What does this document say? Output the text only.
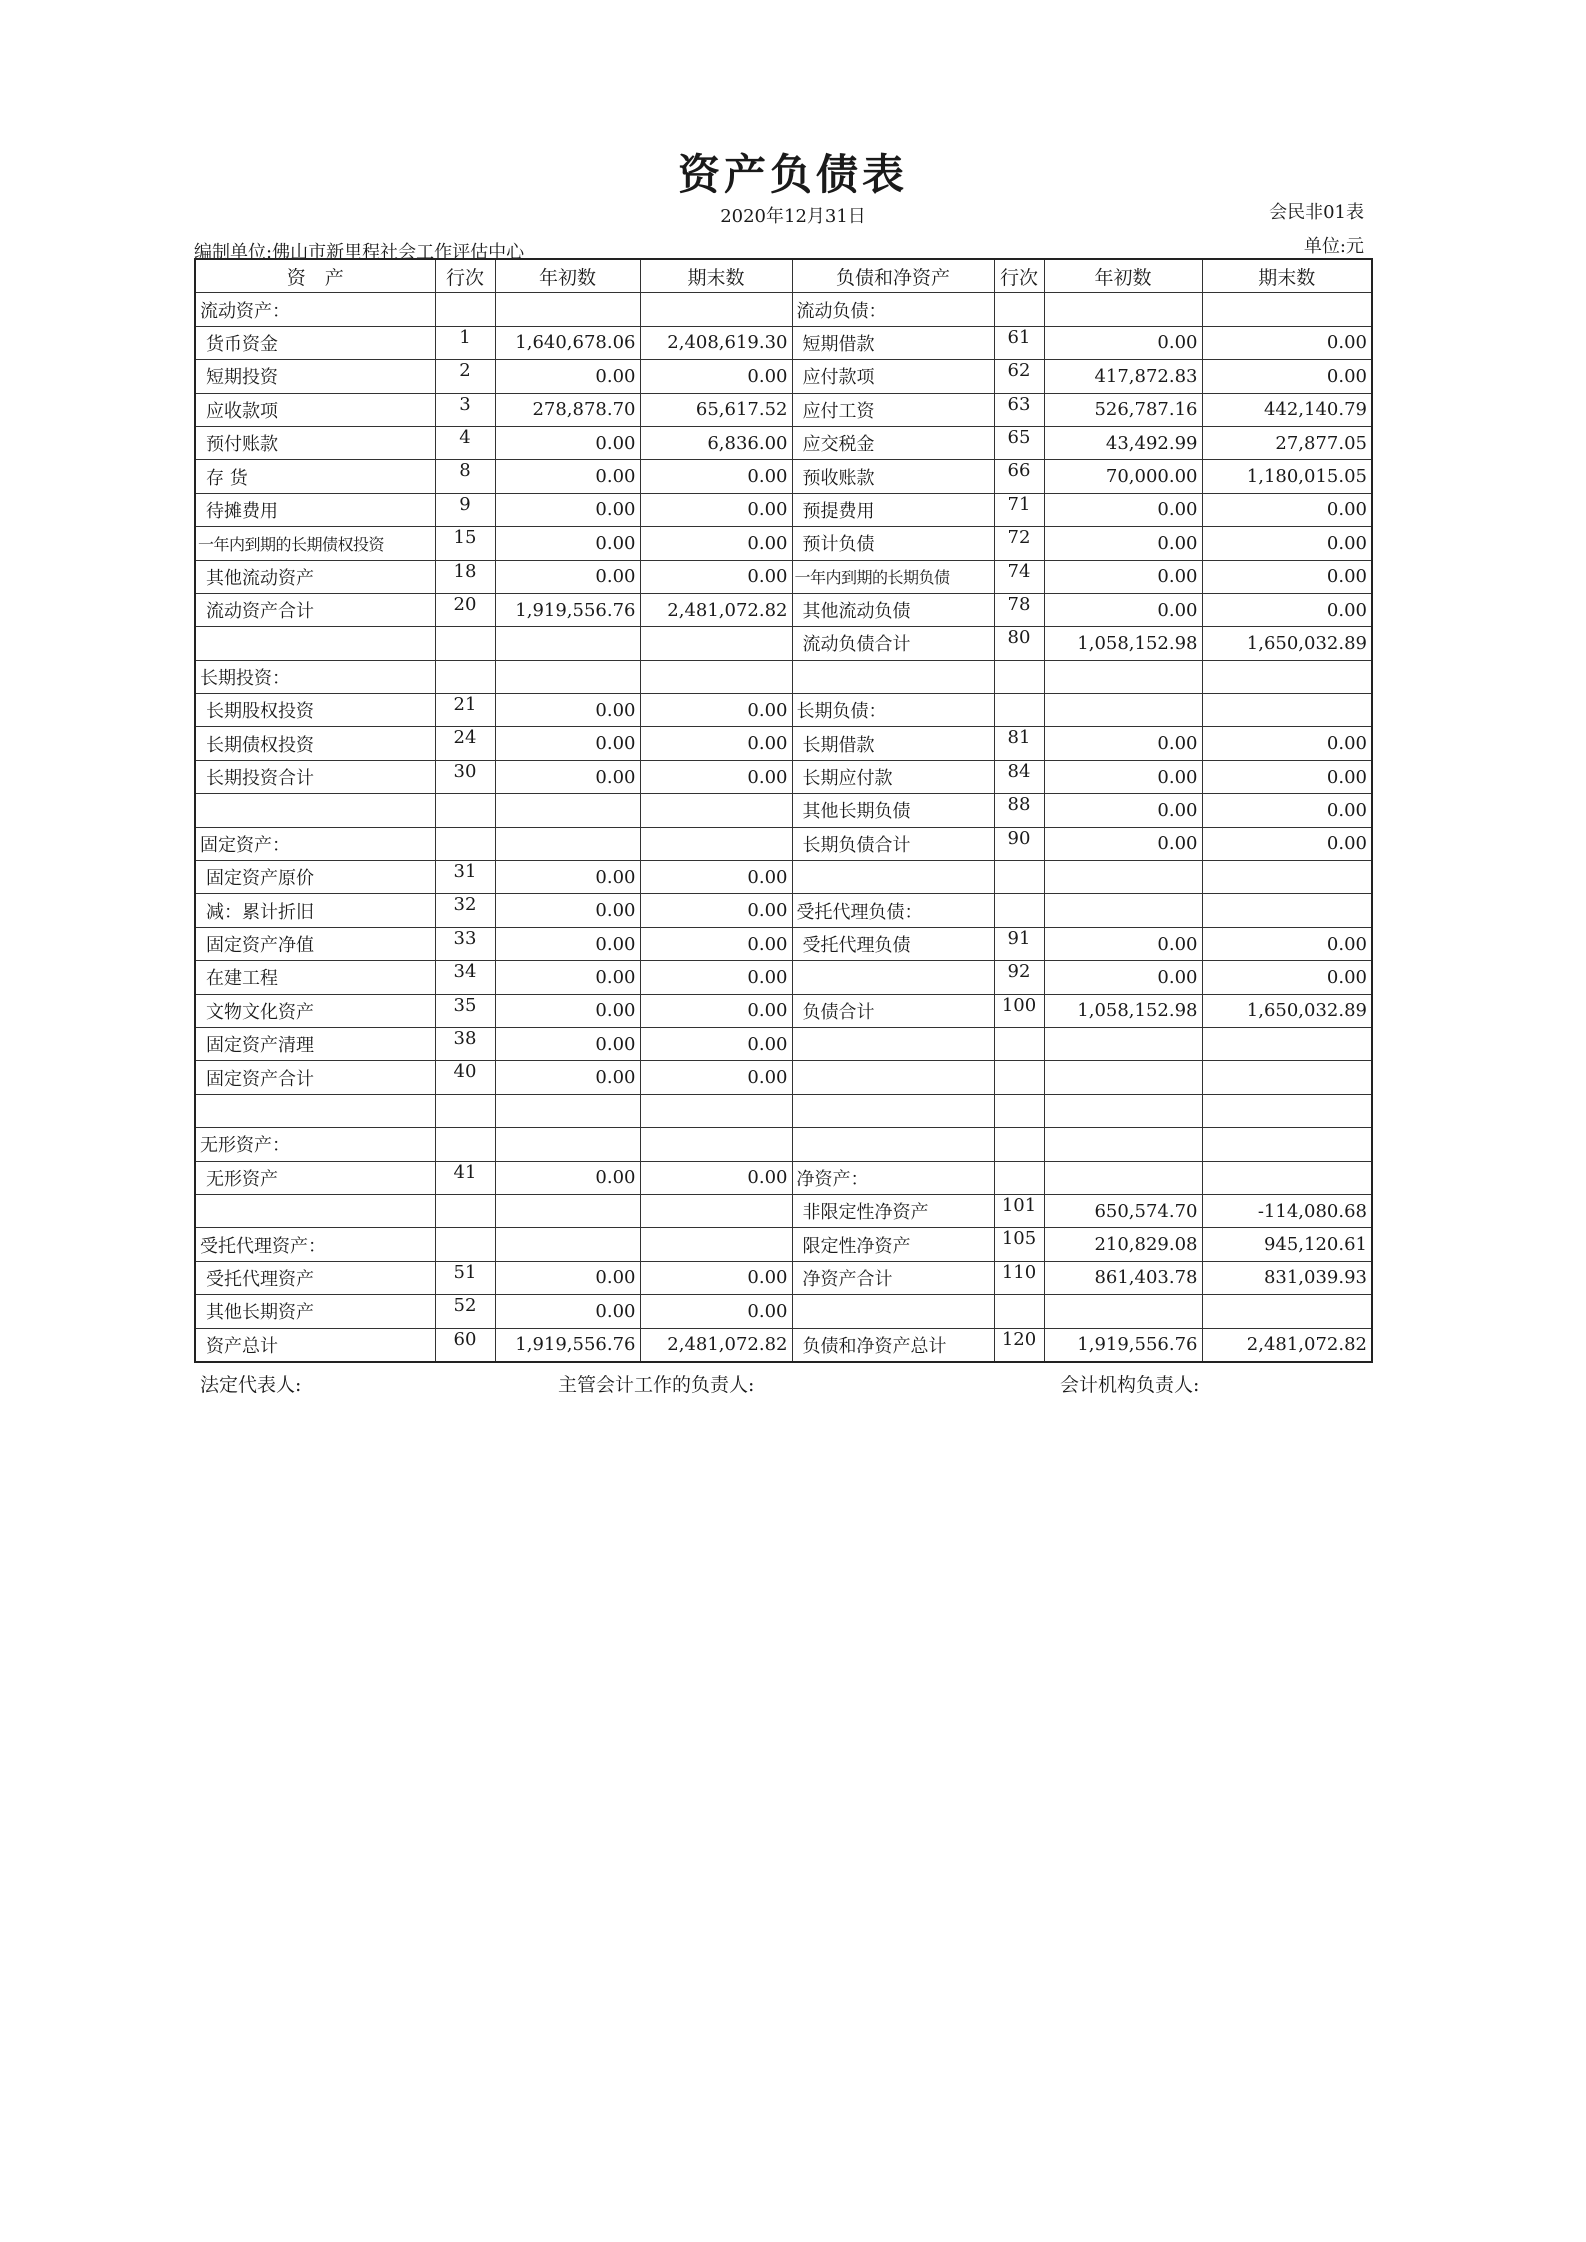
资产负债表
2020年12月31日	会民非01表
单位:元
编制单位:佛山市新里程社会工作评估中心
资　产	行次	年初数	期末数	负债和净资产	行次	年初数	期末数
流动资产：				流动负债：			
货币资金	1	1,640,678.06	2,408,619.30	短期借款	61	0.00	0.00
短期投资	2	0.00	0.00	应付款项	62	417,872.83	0.00
应收款项	3	278,878.70	65,617.52	应付工资	63	526,787.16	442,140.79
预付账款	4	0.00	6,836.00	应交税金	65	43,492.99	27,877.05
存 货	8	0.00	0.00	预收账款	66	70,000.00	1,180,015.05
待摊费用	9	0.00	0.00	预提费用	71	0.00	0.00
一年内到期的长期债权投资	15	0.00	0.00	预计负债	72	0.00	0.00
其他流动资产	18	0.00	0.00	一年内到期的长期负债	74	0.00	0.00
流动资产合计	20	1,919,556.76	2,481,072.82	其他流动负债	78	0.00	0.00
				流动负债合计	80	1,058,152.98	1,650,032.89
长期投资：							
长期股权投资	21	0.00	0.00	长期负债：			
长期债权投资	24	0.00	0.00	长期借款	81	0.00	0.00
长期投资合计	30	0.00	0.00	长期应付款	84	0.00	0.00
				其他长期负债	88	0.00	0.00
固定资产：				长期负债合计	90	0.00	0.00
固定资产原价	31	0.00	0.00				
减：累计折旧	32	0.00	0.00	受托代理负债：			
固定资产净值	33	0.00	0.00	受托代理负债	91	0.00	0.00
在建工程	34	0.00	0.00		92	0.00	0.00
文物文化资产	35	0.00	0.00	负债合计	100	1,058,152.98	1,650,032.89
固定资产清理	38	0.00	0.00				
固定资产合计	40	0.00	0.00				

无形资产：							
无形资产	41	0.00	0.00	净资产：			
				非限定性净资产	101	650,574.70	-114,080.68
受托代理资产：				限定性净资产	105	210,829.08	945,120.61
受托代理资产	51	0.00	0.00	净资产合计	110	861,403.78	831,039.93
其他长期资产	52	0.00	0.00				
资产总计	60	1,919,556.76	2,481,072.82	负债和净资产总计	120	1,919,556.76	2,481,072.82
法定代表人:	主管会计工作的负责人:	会计机构负责人:
